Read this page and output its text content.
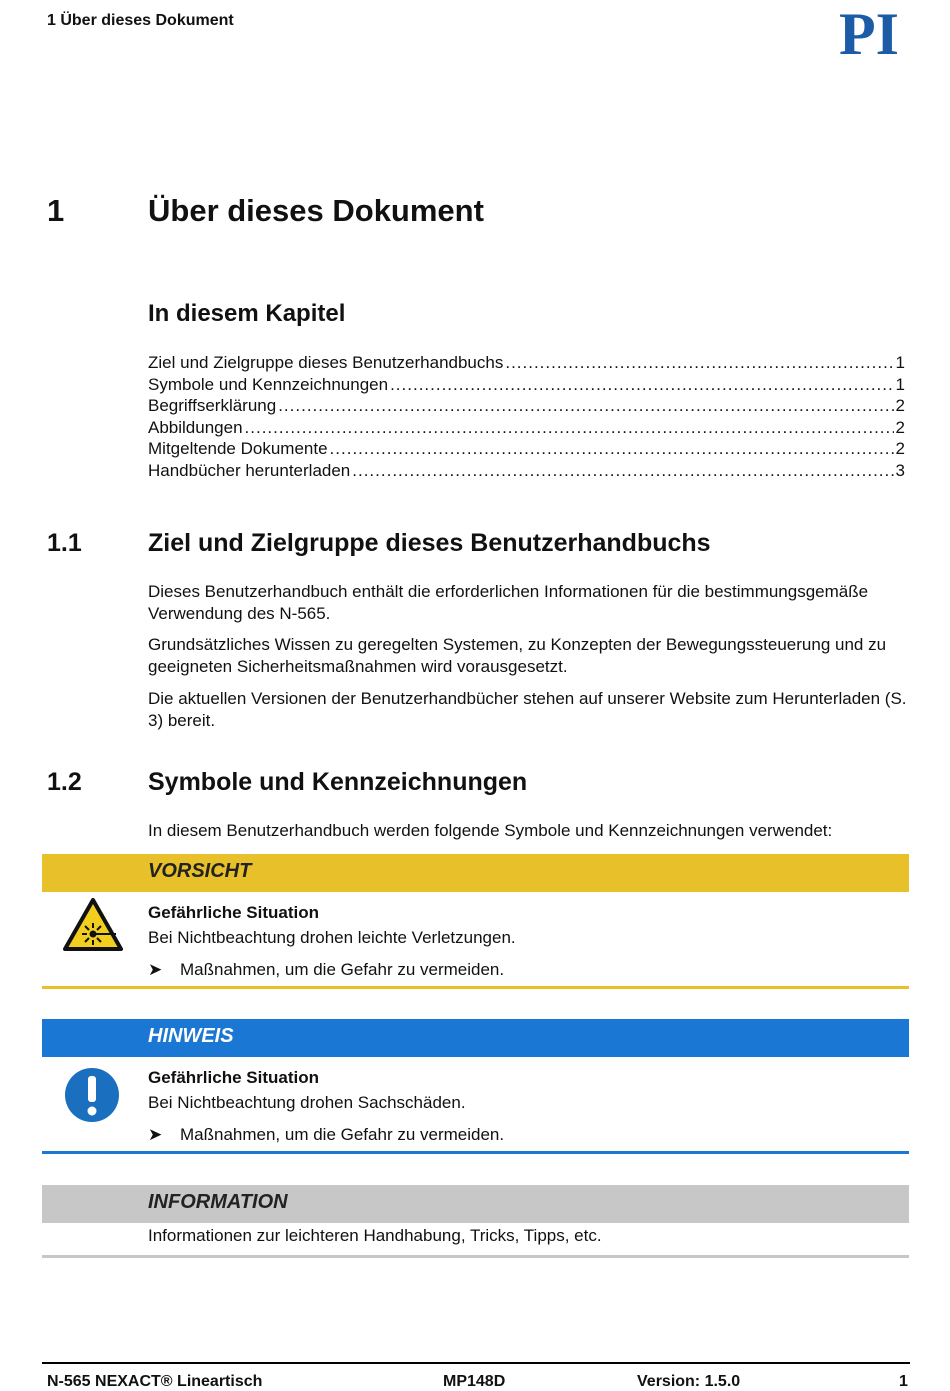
1 Über dieses Dokument	PI
1	Über dieses Dokument
In diesem Kapitel
Ziel und Zielgruppe dieses Benutzerhandbuchs .....	1
Symbole und Kennzeichnungen .....	1
Begriffserklärung .....	2
Abbildungen .....	2
Mitgeltende Dokumente .....	2
Handbücher herunterladen .....	3
1.1	Ziel und Zielgruppe dieses Benutzerhandbuchs

Dieses Benutzerhandbuch enthält die erforderlichen Informationen für die bestimmungsgemäße Verwendung des N-565.

Grundsätzliches Wissen zu geregelten Systemen, zu Konzepten der Bewegungssteuerung und zu geeigneten Sicherheitsmaßnahmen wird vorausgesetzt.

Die aktuellen Versionen der Benutzerhandbücher stehen auf unserer Website zum Herunterladen (S. 3) bereit.

1.2	Symbole und Kennzeichnungen

In diesem Benutzerhandbuch werden folgende Symbole und Kennzeichnungen verwendet:

VORSICHT
Gefährliche Situation
Bei Nichtbeachtung drohen leichte Verletzungen.
➤ Maßnahmen, um die Gefahr zu vermeiden.
HINWEIS
Gefährliche Situation
Bei Nichtbeachtung drohen Sachschäden.
➤ Maßnahmen, um die Gefahr zu vermeiden.
INFORMATION
Informationen zur leichteren Handhabung, Tricks, Tipps, etc.
N-565 NEXACT® Lineartisch	MP148D	Version: 1.5.0	1
